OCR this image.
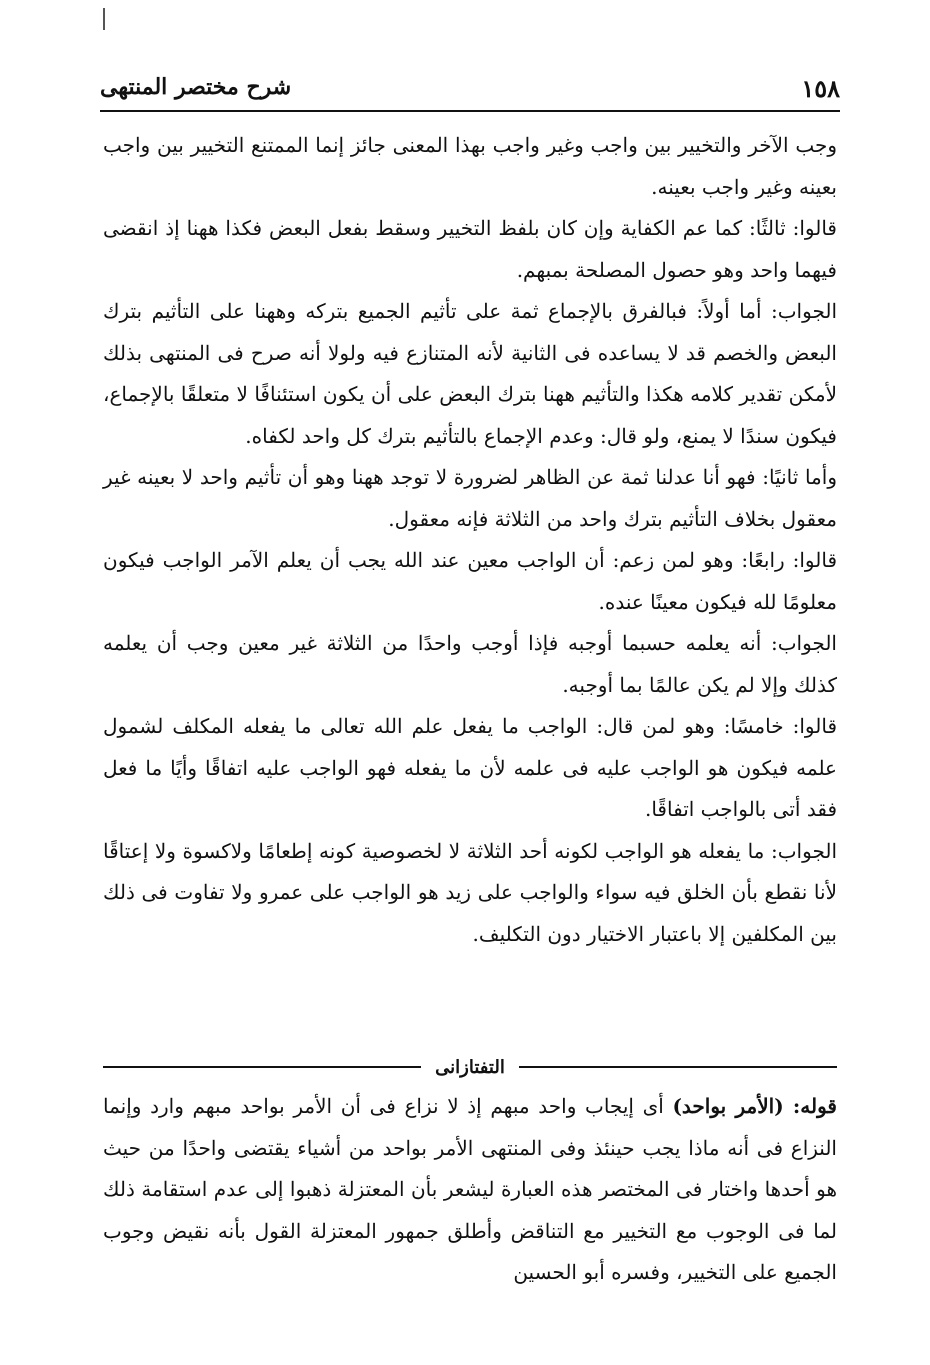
١٥٨
شرح مختصر المنتهى

وجب الآخر والتخيير بين واجب وغير واجب بهذا المعنى جائز إنما الممتنع التخيير بين واجب بعينه وغير واجب بعينه.

قالوا: ثالثًا: كما عم الكفاية وإن كان بلفظ التخيير وسقط بفعل البعض فكذا ههنا إذ انقضى فيهما واحد وهو حصول المصلحة بمبهم.

الجواب: أما أولاً: فبالفرق بالإجماع ثمة على تأثيم الجميع بتركه وههنا على التأثيم بترك البعض والخصم قد لا يساعده فى الثانية لأنه المتنازع فيه ولولا أنه صرح فى المنتهى بذلك لأمكن تقدير كلامه هكذا والتأثيم ههنا بترك البعض على أن يكون استئنافًا لا متعلقًا بالإجماع، فيكون سندًا لا يمنع، ولو قال: وعدم الإجماع بالتأثيم بترك كل واحد لكفاه.

وأما ثانيًا: فهو أنا عدلنا ثمة عن الظاهر لضرورة لا توجد ههنا وهو أن تأثيم واحد لا بعينه غير معقول بخلاف التأثيم بترك واحد من الثلاثة فإنه معقول.

قالوا: رابعًا: وهو لمن زعم: أن الواجب معين عند الله يجب أن يعلم الآمر الواجب فيكون معلومًا لله فيكون معينًا عنده.

الجواب: أنه يعلمه حسبما أوجبه فإذا أوجب واحدًا من الثلاثة غير معين وجب أن يعلمه كذلك وإلا لم يكن عالمًا بما أوجبه.

قالوا: خامسًا: وهو لمن قال: الواجب ما يفعل علم الله تعالى ما يفعله المكلف لشمول علمه فيكون هو الواجب عليه فى علمه لأن ما يفعله فهو الواجب عليه اتفاقًا وأيًا ما فعل فقد أتى بالواجب اتفاقًا.

الجواب: ما يفعله هو الواجب لكونه أحد الثلاثة لا لخصوصية كونه إطعامًا ولاكسوة ولا إعتاقًا لأنا نقطع بأن الخلق فيه سواء والواجب على زيد هو الواجب على عمرو ولا تفاوت فى ذلك بين المكلفين إلا باعتبار الاختيار دون التكليف.

التفتازانى

قوله: (الأمر بواحد) أى إيجاب واحد مبهم إذ لا نزاع فى أن الأمر بواحد مبهم وارد وإنما النزاع فى أنه ماذا يجب حينئذ وفى المنتهى الأمر بواحد من أشياء يقتضى واحدًا من حيث هو أحدها واختار فى المختصر هذه العبارة ليشعر بأن المعتزلة ذهبوا إلى عدم استقامة ذلك لما فى الوجوب مع التخيير مع التناقض وأطلق جمهور المعتزلة القول بأنه نقيض وجوب الجميع على التخيير، وفسره أبو الحسين
